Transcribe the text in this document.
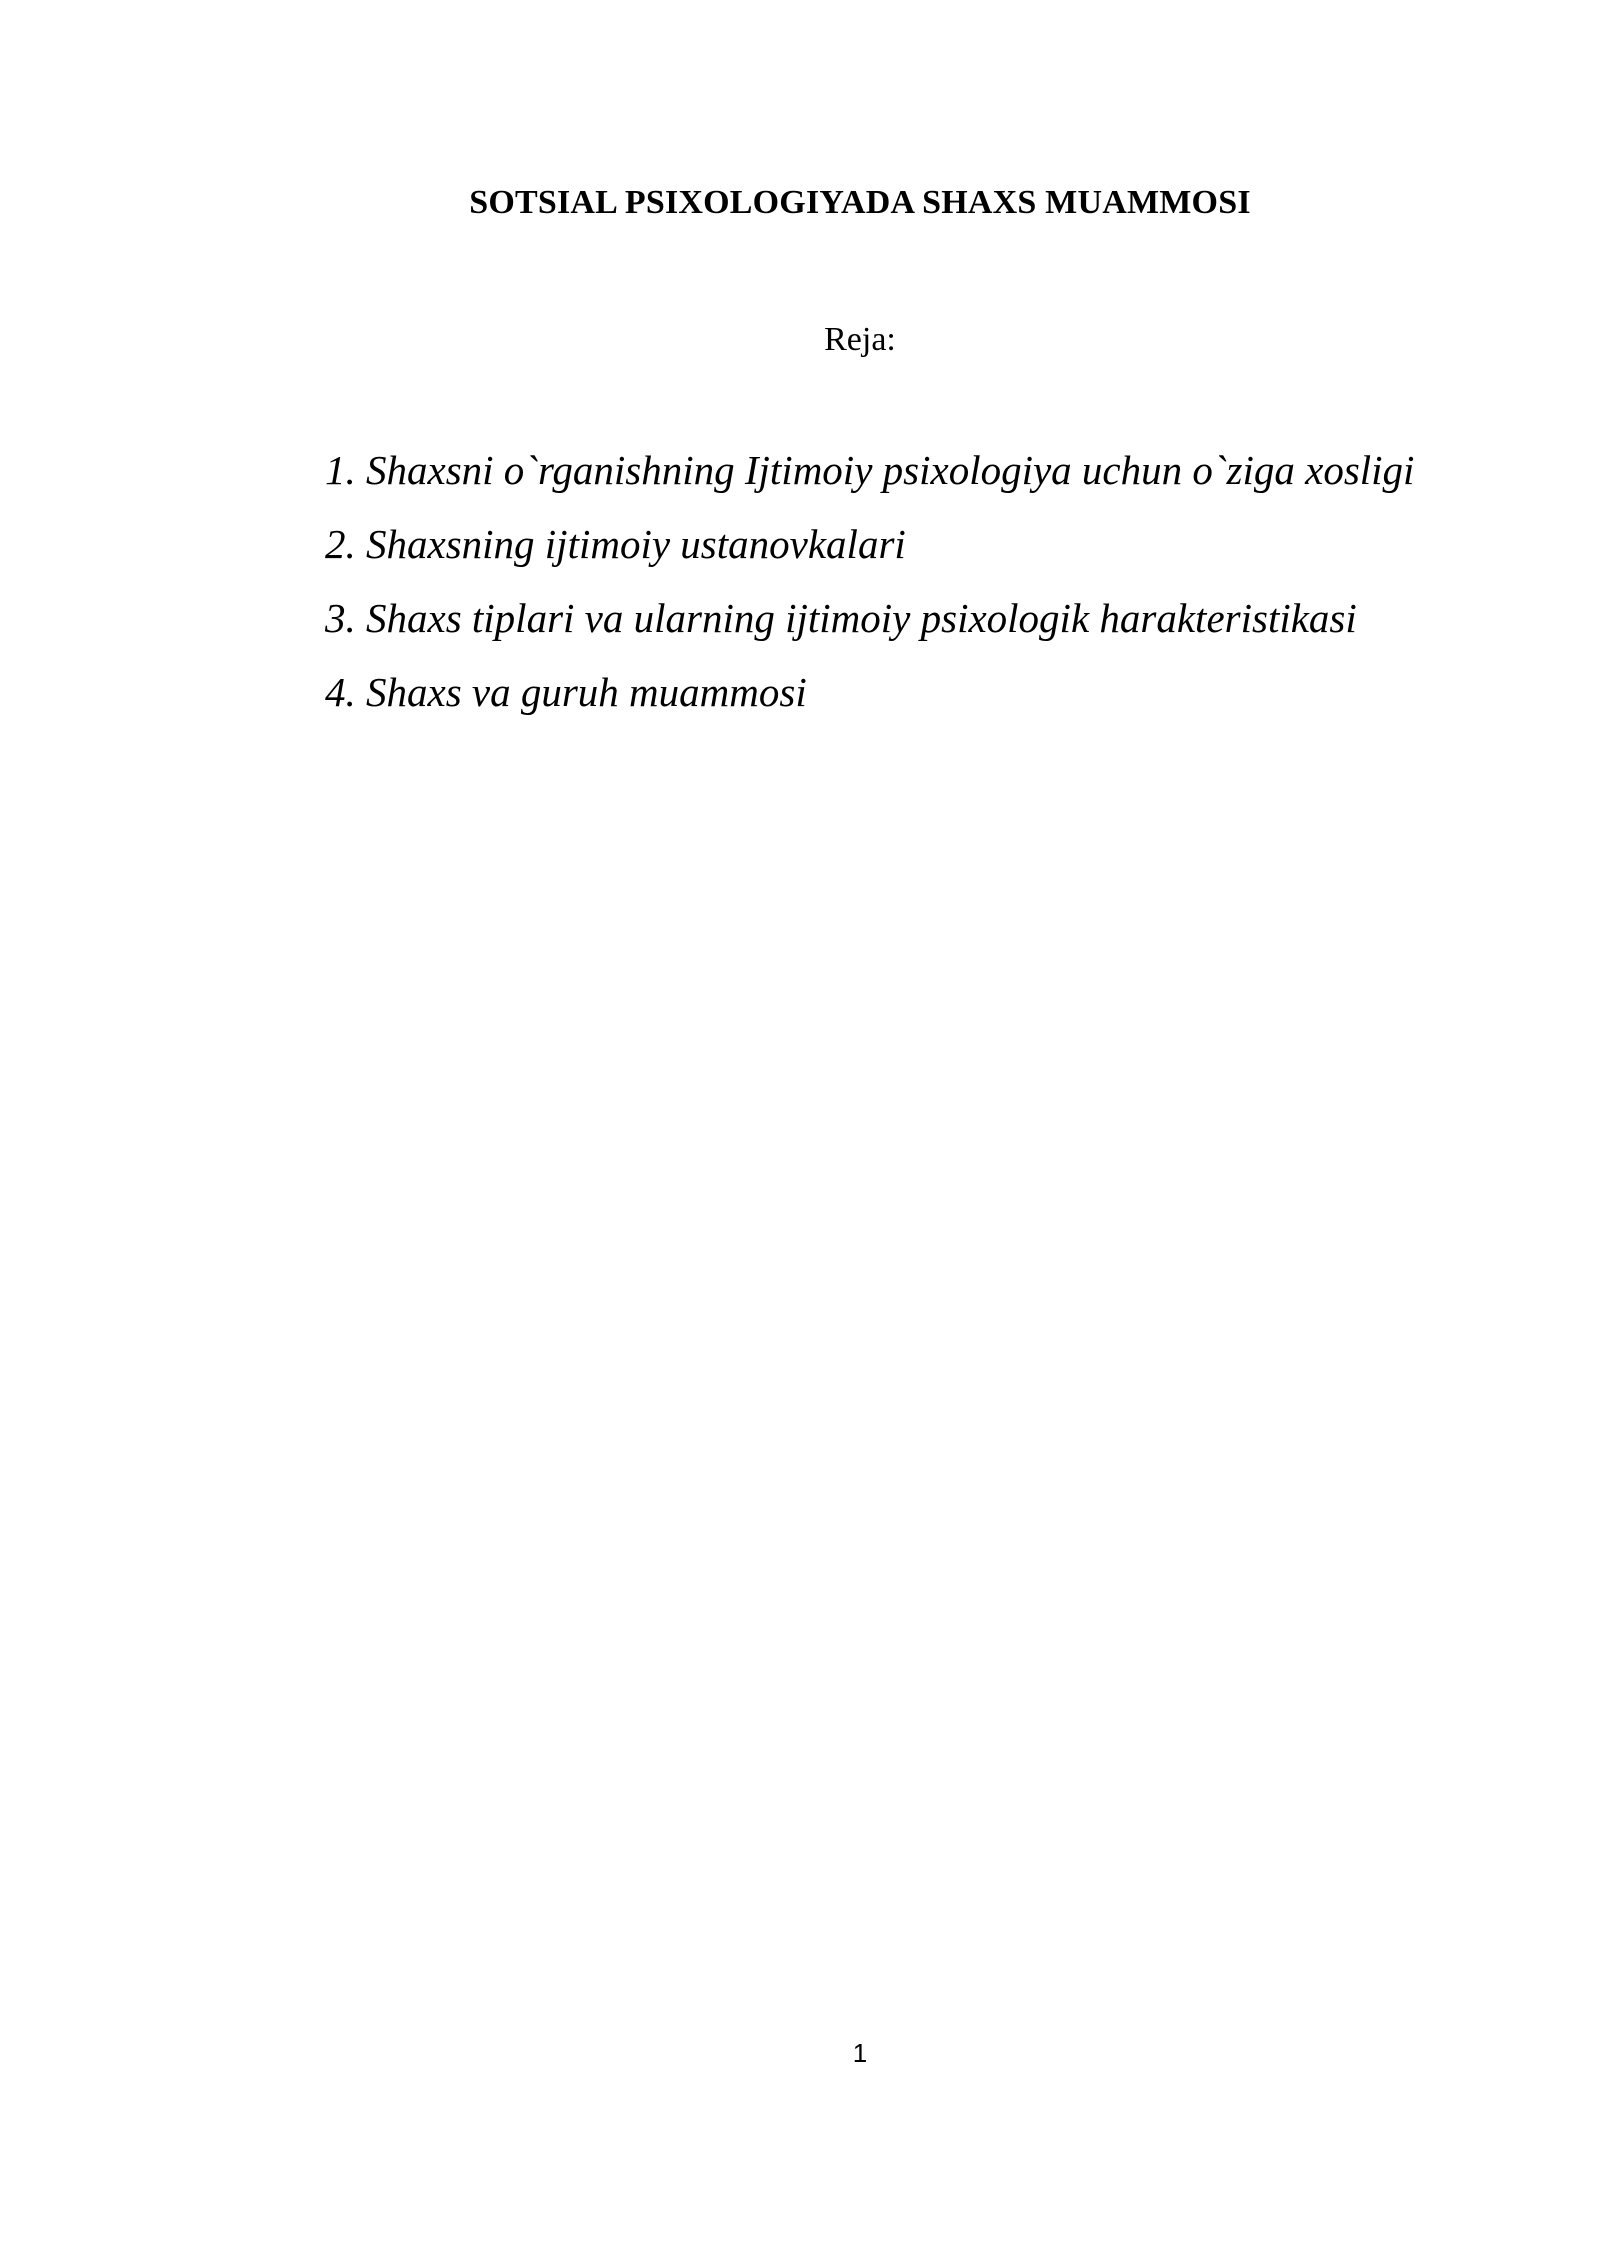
SOTSIAL PSIXOLOGIYADA SHAXS MUAMMOSI

Reja:

1. Shaxsni o`rganishning Ijtimoiy psixologiya uchun o`ziga xosligi
2. Shaxsning ijtimoiy ustanovkalari
3. Shaxs tiplari va ularning ijtimoiy psixologik harakteristikasi
4. Shaxs va guruh muammosi

1
